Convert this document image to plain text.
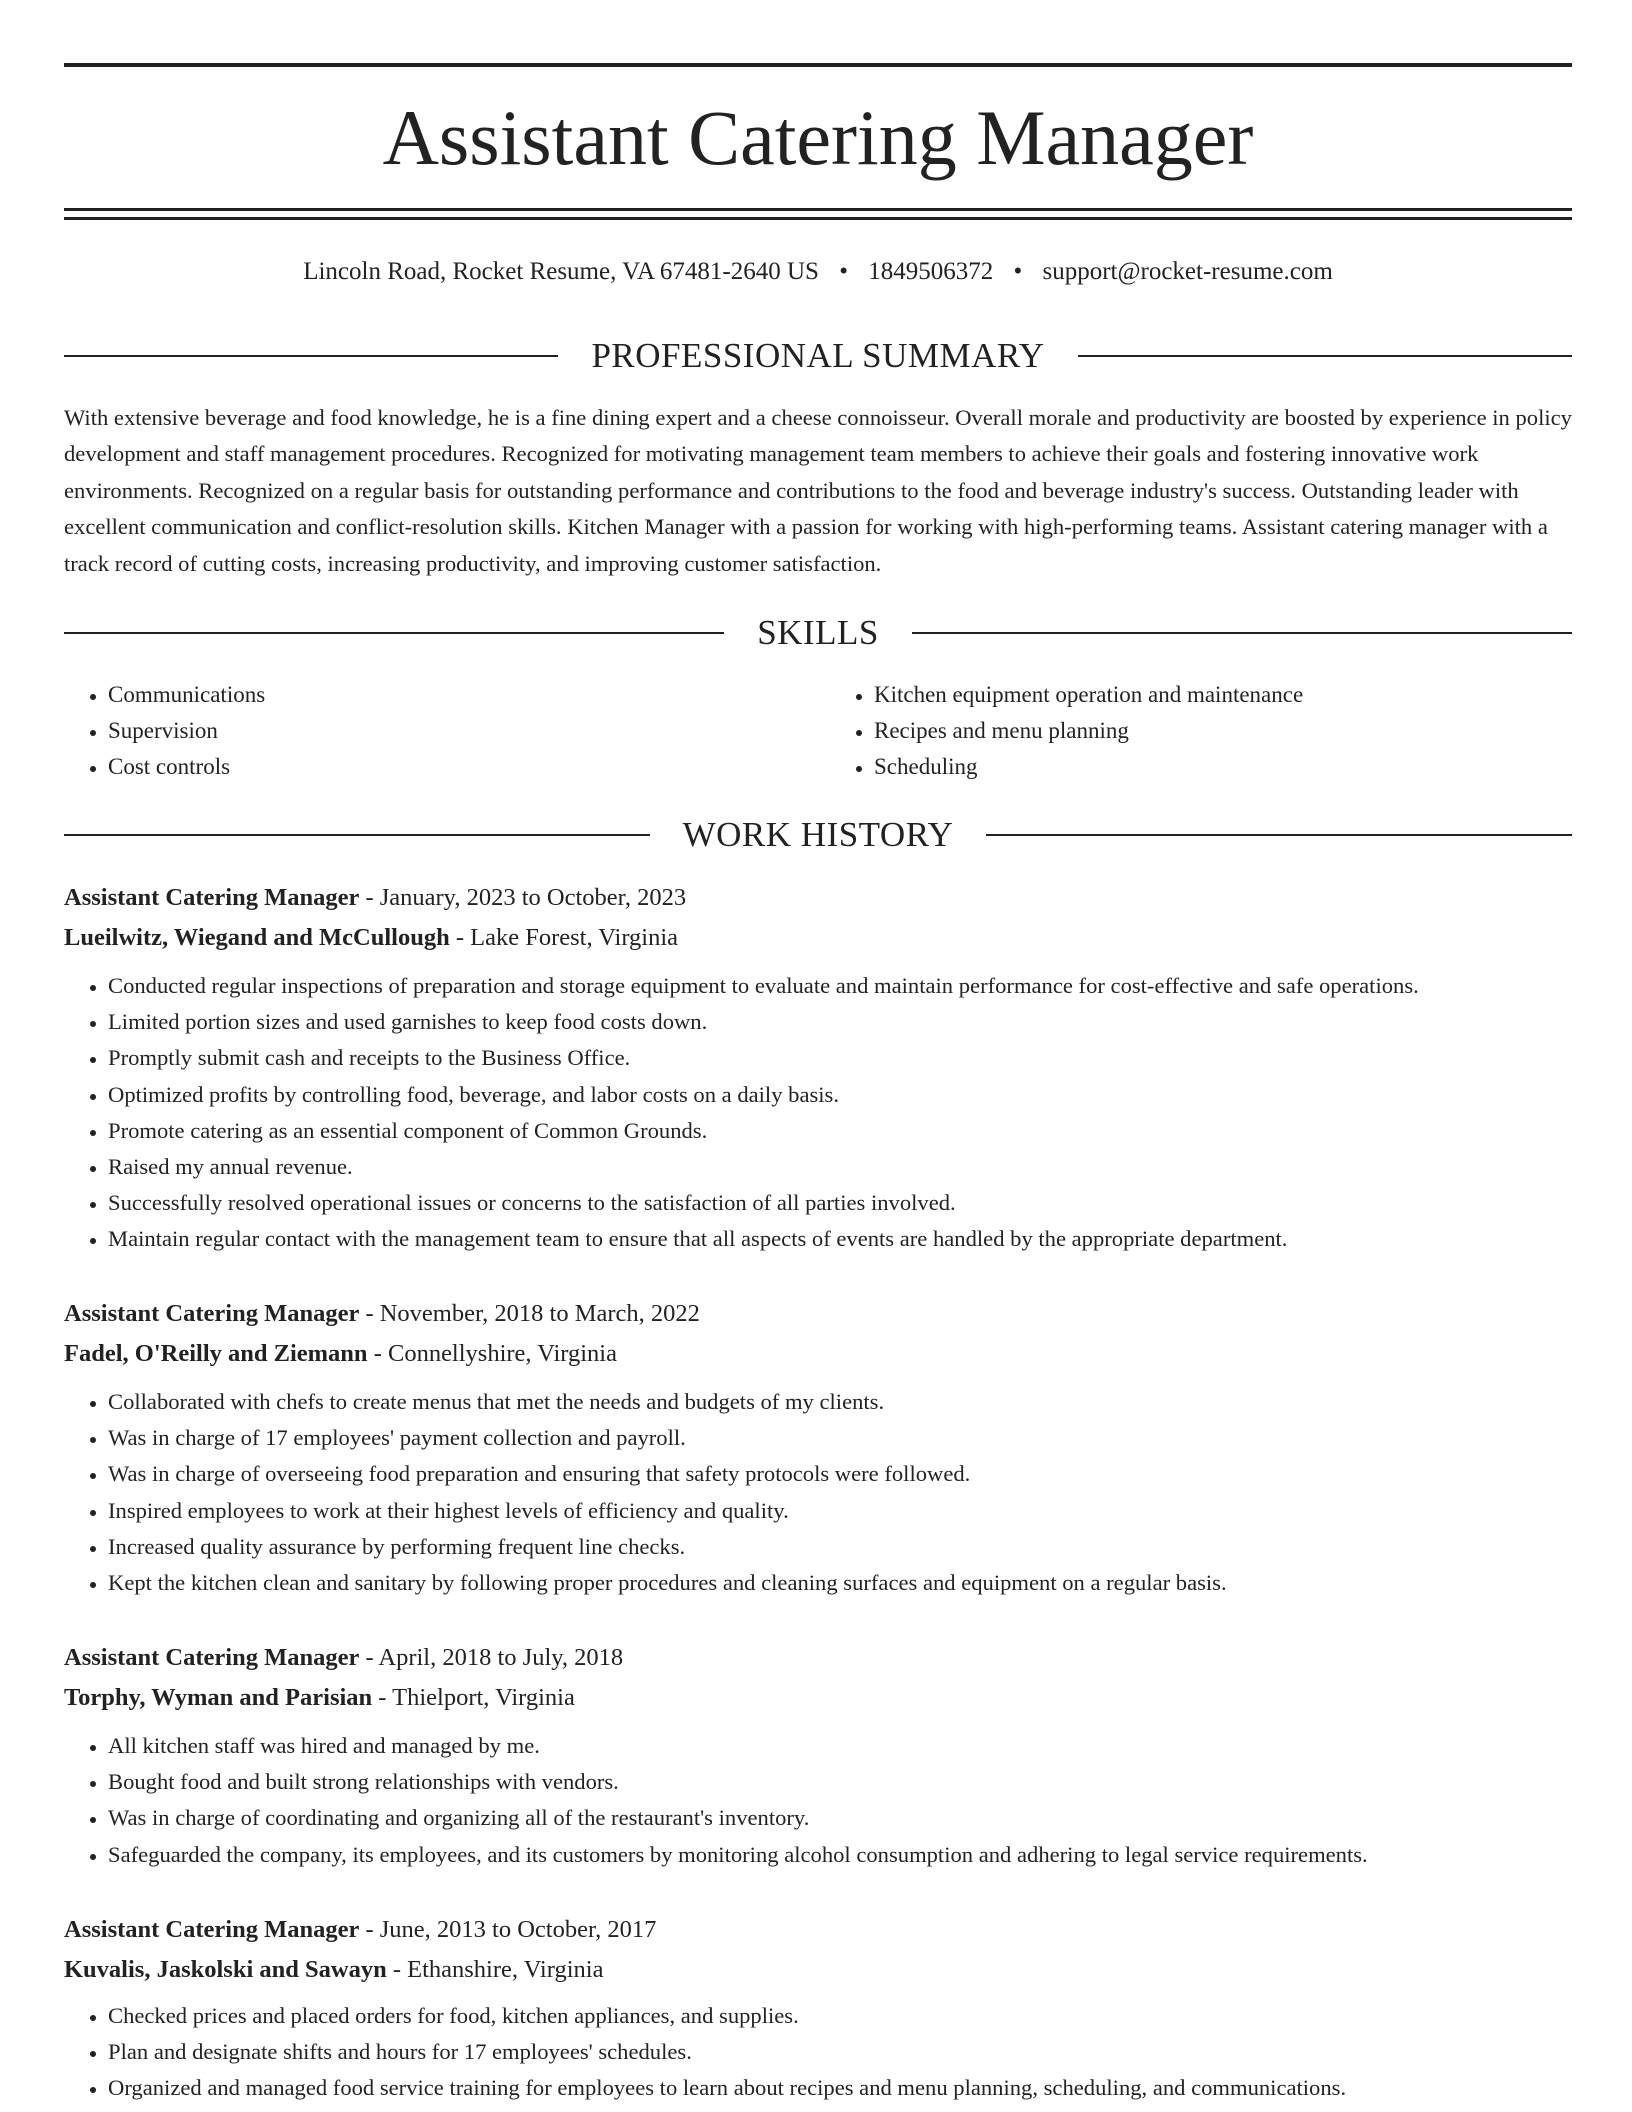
Assistant Catering Manager
Lincoln Road, Rocket Resume, VA 67481-2640 US • 1849506372 • support@rocket-resume.com
PROFESSIONAL SUMMARY

With extensive beverage and food knowledge, he is a fine dining expert and a cheese connoisseur. Overall morale and productivity are boosted by experience in policy development and staff management procedures. Recognized for motivating management team members to achieve their goals and fostering innovative work environments. Recognized on a regular basis for outstanding performance and contributions to the food and beverage industry's success. Outstanding leader with excellent communication and conflict-resolution skills. Kitchen Manager with a passion for working with high-performing teams. Assistant catering manager with a track record of cutting costs, increasing productivity, and improving customer satisfaction.

SKILLS
• Communications
• Supervision
• Cost controls
• Kitchen equipment operation and maintenance
• Recipes and menu planning
• Scheduling
WORK HISTORY
Assistant Catering Manager - January, 2023 to October, 2023
Lueilwitz, Wiegand and McCullough - Lake Forest, Virginia
• Conducted regular inspections of preparation and storage equipment to evaluate and maintain performance for cost-effective and safe operations.
• Limited portion sizes and used garnishes to keep food costs down.
• Promptly submit cash and receipts to the Business Office.
• Optimized profits by controlling food, beverage, and labor costs on a daily basis.
• Promote catering as an essential component of Common Grounds.
• Raised my annual revenue.
• Successfully resolved operational issues or concerns to the satisfaction of all parties involved.
• Maintain regular contact with the management team to ensure that all aspects of events are handled by the appropriate department.
Assistant Catering Manager - November, 2018 to March, 2022
Fadel, O'Reilly and Ziemann - Connellyshire, Virginia
• Collaborated with chefs to create menus that met the needs and budgets of my clients.
• Was in charge of 17 employees' payment collection and payroll.
• Was in charge of overseeing food preparation and ensuring that safety protocols were followed.
• Inspired employees to work at their highest levels of efficiency and quality.
• Increased quality assurance by performing frequent line checks.
• Kept the kitchen clean and sanitary by following proper procedures and cleaning surfaces and equipment on a regular basis.
Assistant Catering Manager - April, 2018 to July, 2018
Torphy, Wyman and Parisian - Thielport, Virginia
• All kitchen staff was hired and managed by me.
• Bought food and built strong relationships with vendors.
• Was in charge of coordinating and organizing all of the restaurant's inventory.
• Safeguarded the company, its employees, and its customers by monitoring alcohol consumption and adhering to legal service requirements.
Assistant Catering Manager - June, 2013 to October, 2017
Kuvalis, Jaskolski and Sawayn - Ethanshire, Virginia
• Checked prices and placed orders for food, kitchen appliances, and supplies.
• Plan and designate shifts and hours for 17 employees' schedules.
• Organized and managed food service training for employees to learn about recipes and menu planning, scheduling, and communications.
